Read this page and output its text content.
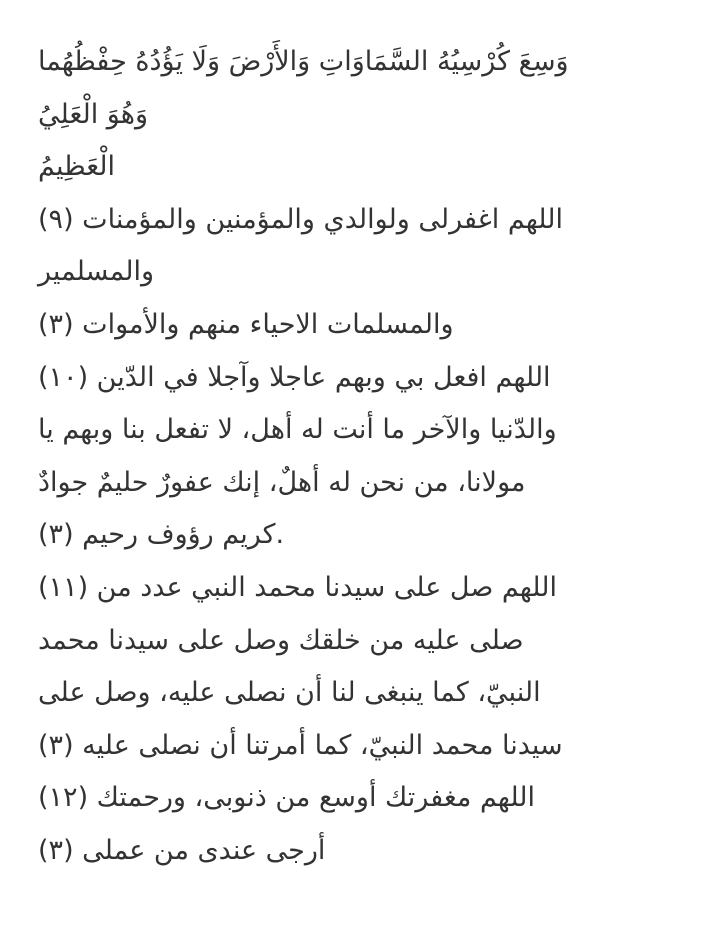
وَسِعَ كُرْسِيُهُ السَّمَاوَاتِ وَالأَرْضَ وَلَا يَؤُدُهُ حِفْظُهُما
وَهُوَ الْعَلِيُ
الْعَظِيمُ
اللهم اغفرلى ولوالدي والمؤمنين والمؤمنات (٩)
والمسلمير
والمسلمات الاحياء منهم والأموات (٣)
اللهم افعل بي وبهم عاجلا وآجلا في الدّين (١٠)
والدّنيا والآخر ما أنت له أهل، لا تفعل بنا وبهم يا
مولانا، من نحن له أهلٌ، إنك عفورٌ حليمٌ جوادٌ
.كريم رؤوف رحيم (٣)
اللهم صل على سيدنا محمد النبي عدد من (١١)
صلى عليه من خلقك وصل على سيدنا محمد
النبيّ، كما ينبغى لنا أن نصلى عليه، وصل على
سيدنا محمد النبيّ، كما أمرتنا أن نصلى عليه (٣)
اللهم مغفرتك أوسع من ذنوبى، ورحمتك (١٢)
أرجى عندى من عملى (٣)
